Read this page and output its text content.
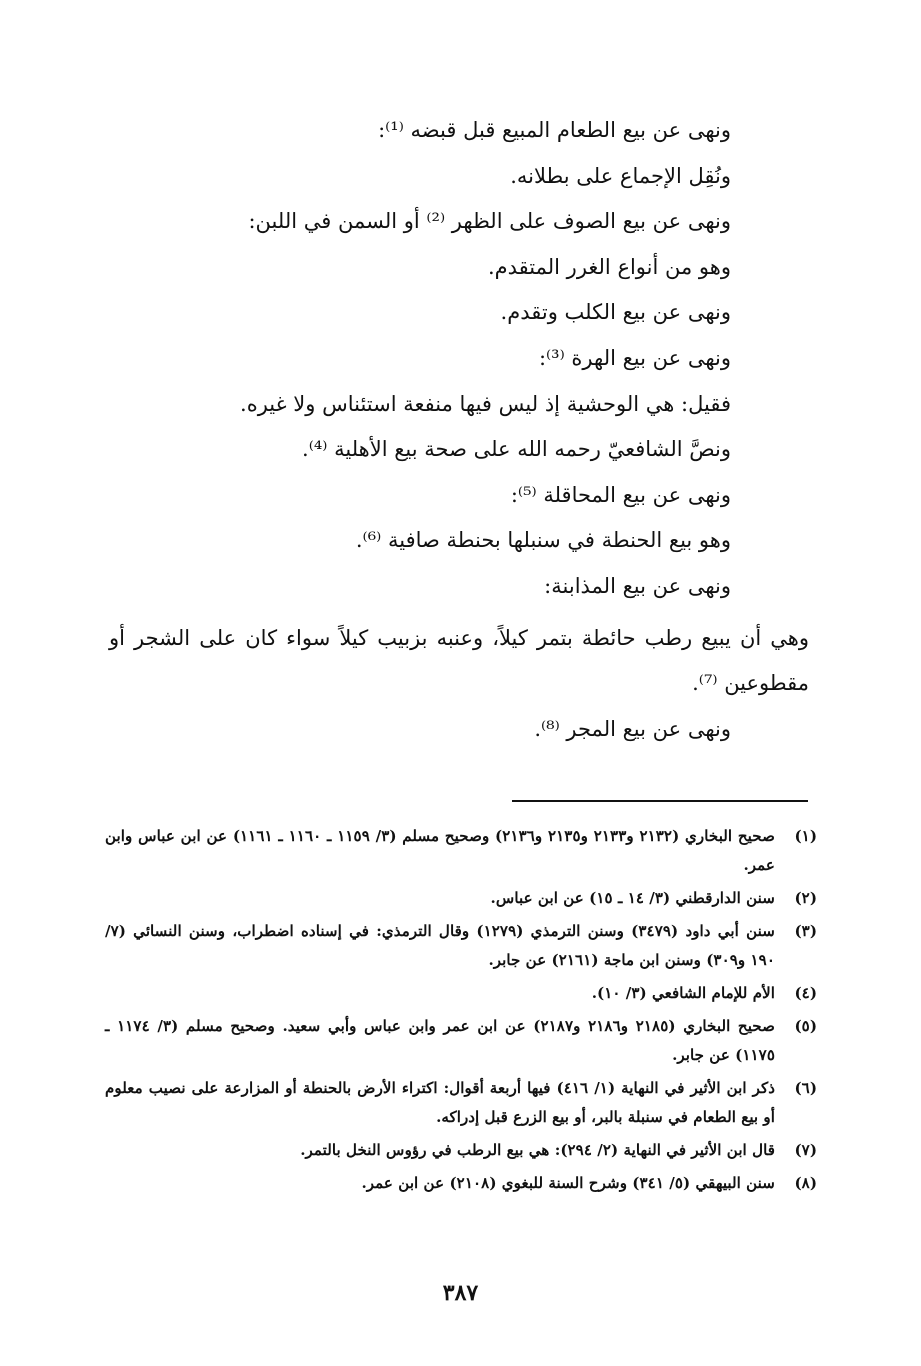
ونهى عن بيع الطعام المبيع قبل قبضه ⁽¹⁾:

ونُقِل الإجماع على بطلانه.

ونهى عن بيع الصوف على الظهر ⁽²⁾ أو السمن في اللبن:

وهو من أنواع الغرر المتقدم.

ونهى عن بيع الكلب وتقدم.

ونهى عن بيع الهرة ⁽³⁾:

فقيل: هي الوحشية إذ ليس فيها منفعة استئناس ولا غيره.

ونصَّ الشافعيّ رحمه الله على صحة بيع الأهلية ⁽⁴⁾.

ونهى عن بيع المحاقلة ⁽⁵⁾:

وهو بيع الحنطة في سنبلها بحنطة صافية ⁽⁶⁾.

ونهى عن بيع المذابنة:

وهي أن يبيع رطب حائطة بتمر كيلاً، وعنبه بزبيب كيلاً سواء كان على الشجر أو مقطوعين ⁽⁷⁾.

ونهى عن بيع المجر ⁽⁸⁾.

(١)
صحيح البخاري (٢١٣٢ و٢١٣٣ و٢١٣٥ و٢١٣٦) وصحيح مسلم (٣/ ١١٥٩ ـ ١١٦٠ ـ ١١٦١) عن ابن عباس وابن عمر.
(٢)
سنن الدارقطني (٣/ ١٤ ـ ١٥) عن ابن عباس.
(٣)
سنن أبي داود (٣٤٧٩) وسنن الترمذي (١٢٧٩) وقال الترمذي: في إسناده اضطراب، وسنن النسائي (٧/ ١٩٠ و٣٠٩) وسنن ابن ماجة (٢١٦١) عن جابر.
(٤)
الأم للإمام الشافعي (٣/ ١٠).
(٥)
صحيح البخاري (٢١٨٥ و٢١٨٦ و٢١٨٧) عن ابن عمر وابن عباس وأبي سعيد. وصحيح مسلم (٣/ ١١٧٤ ـ ١١٧٥) عن جابر.
(٦)
ذكر ابن الأثير في النهاية (١/ ٤١٦) فيها أربعة أقوال: اكتراء الأرض بالحنطة أو المزارعة على نصيب معلوم أو بيع الطعام في سنبلة بالبر، أو بيع الزرع قبل إدراكه.
(٧)
قال ابن الأثير في النهاية (٢/ ٢٩٤): هي بيع الرطب في رؤوس النخل بالتمر.
(٨)
سنن البيهقي (٥/ ٣٤١) وشرح السنة للبغوي (٢١٠٨) عن ابن عمر.
٣٨٧
